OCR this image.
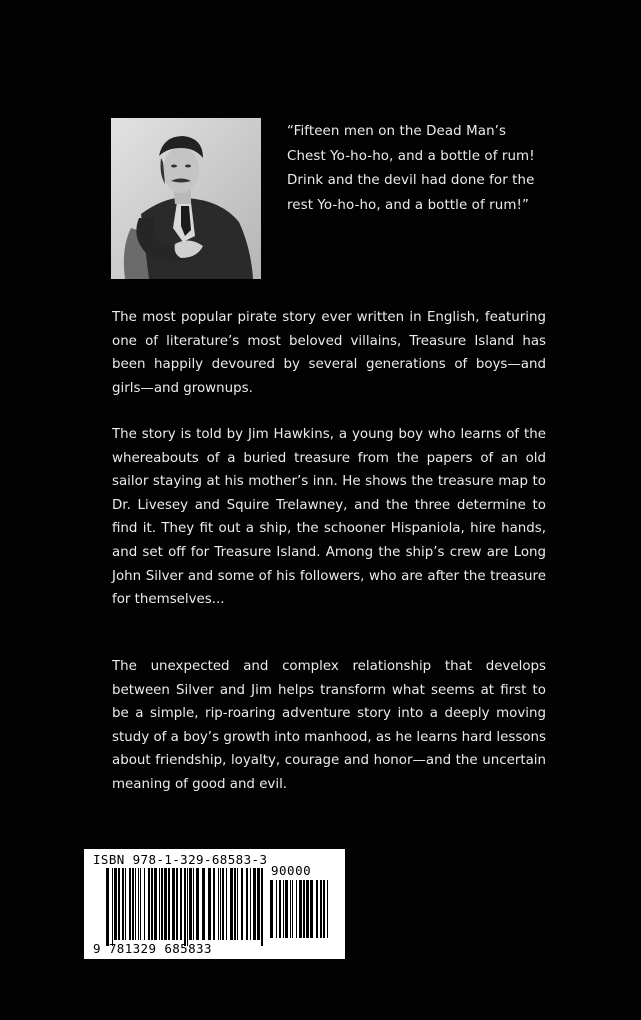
“Fifteen men on the Dead Man’s Chest Yo-ho-ho, and a bottle of rum! Drink and the devil had done for the rest Yo-ho-ho, and a bottle of rum!”

The most popular pirate story ever written in English, featuring one of literature’s most beloved villains, Treasure Island has been happily devoured by several generations of boys—and girls—and grownups.

The story is told by Jim Hawkins, a young boy who learns of the whereabouts of a buried treasure from the papers of an old sailor staying at his mother’s inn. He shows the treasure map to Dr. Livesey and Squire Trelawney, and the three determine to find it. They fit out a ship, the schooner Hispaniola, hire hands, and set off for Treasure Island. Among the ship’s crew are Long John Silver and some of his followers, who are after the treasure for themselves...

The unexpected and complex relationship that develops between Silver and Jim helps transform what seems at first to be a simple, rip-roaring adventure story into a deeply moving study of a boy’s growth into manhood, as he learns hard lessons about friendship, loyalty, courage and honor—and the uncertain meaning of good and evil.

ISBN 978-1-329-68583-3
90000
9 781329 685833
